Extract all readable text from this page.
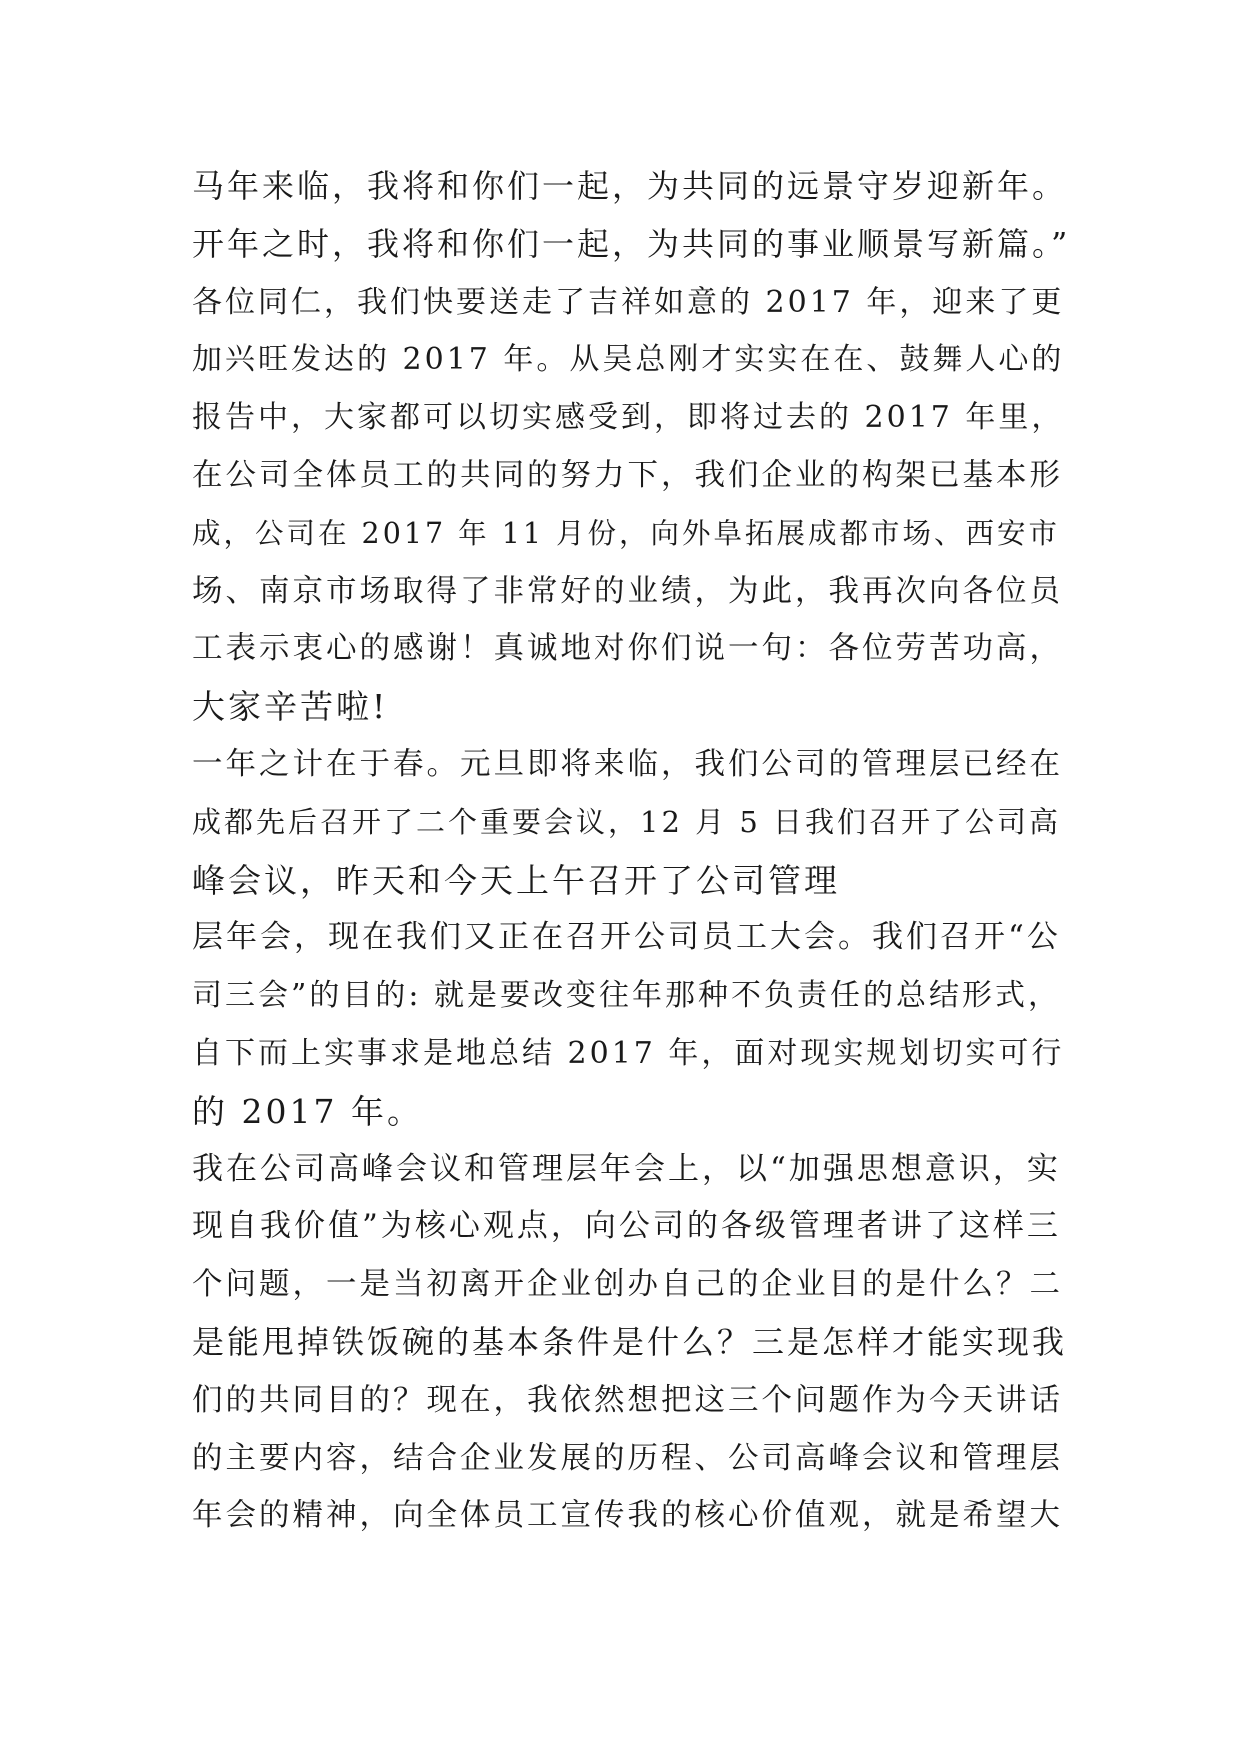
马年来临，我将和你们一起，为共同的远景守岁迎新年。
开年之时，我将和你们一起，为共同的事业顺景写新篇。”
各位同仁，我们快要送走了吉祥如意的 2017 年，迎来了更
加兴旺发达的 2017 年。从吴总刚才实实在在、鼓舞人心的
报告中，大家都可以切实感受到，即将过去的 2017 年里，
在公司全体员工的共同的努力下，我们企业的构架已基本形
成，公司在 2017 年 11 月份，向外阜拓展成都市场、西安市
场、南京市场取得了非常好的业绩，为此，我再次向各位员
工表示衷心的感谢！真诚地对你们说一句：各位劳苦功高，
大家辛苦啦!
一年之计在于春。元旦即将来临，我们公司的管理层已经在
成都先后召开了二个重要会议，12 月 5 日我们召开了公司高
峰会议，昨天和今天上午召开了公司管理
层年会，现在我们又正在召开公司员工大会。我们召开“公
司三会”的目的: 就是要改变往年那种不负责任的总结形式，
自下而上实事求是地总结 2017 年，面对现实规划切实可行
的 2017 年。
我在公司高峰会议和管理层年会上，以“加强思想意识，实
现自我价值”为核心观点，向公司的各级管理者讲了这样三
个问题，一是当初离开企业创办自己的企业目的是什么？二
是能甩掉铁饭碗的基本条件是什么？三是怎样才能实现我
们的共同目的？现在，我依然想把这三个问题作为今天讲话
的主要内容，结合企业发展的历程、公司高峰会议和管理层
年会的精神，向全体员工宣传我的核心价值观，就是希望大
